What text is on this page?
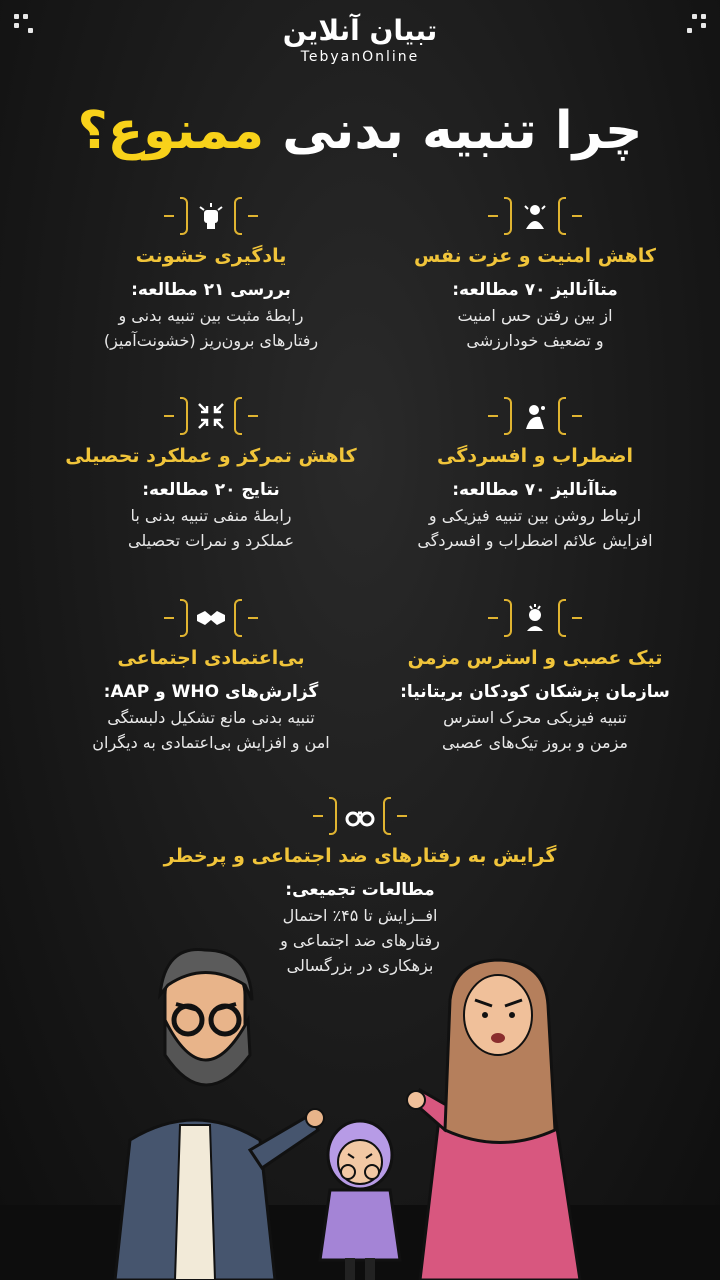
تبیان آنلاین
TebyanOnline
چرا تنبیه بدنی ممنوع؟
کاهش امنیت و عزت نفس
متاآنالیز ۷۰ مطالعه:
از بین رفتن حس امنیت
و تضعیف خودارزشی
یادگیری خشونت
بررسی ۲۱ مطالعه:
رابطهٔ مثبت بین تنبیه بدنی و
رفتارهای برون‌ریز (خشونت‌آمیز)
اضطراب و افسردگی
متاآنالیز ۷۰ مطالعه:
ارتباط روشن بین تنبیه فیزیکی و
افزایش علائم اضطراب و افسردگی
کاهش تمرکز و عملکرد تحصیلی
نتایج ۲۰ مطالعه:
رابطهٔ منفی تنبیه بدنی با
عملکرد و نمرات تحصیلی
تیک عصبی و استرس مزمن
سازمان پزشکان کودکان بریتانیا:
تنبیه فیزیکی محرک استرس
مزمن و بروز تیک‌های عصبی
بی‌اعتمادی اجتماعی
گزارش‌های WHO و AAP:
تنبیه بدنی مانع تشکیل دلبستگی
امن و افزایش بی‌اعتمادی به دیگران
گرایش به رفتارهای ضد اجتماعی و پرخطر
مطالعات تجمیعی:
افــزایش تا ۴۵٪ احتمال
رفتارهای ضد اجتماعی و
بزهکاری در بزرگسالی
